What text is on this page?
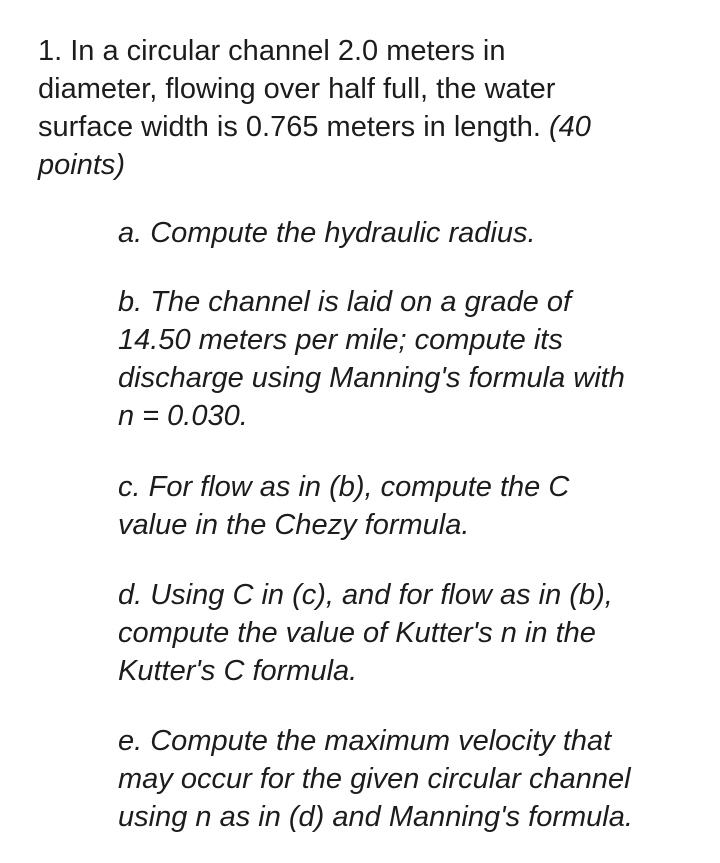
1. In a circular channel 2.0 meters in
diameter, flowing over half full, the water
surface width is 0.765 meters in length. (40
points)

a. Compute the hydraulic radius.

b. The channel is laid on a grade of
14.50 meters per mile; compute its
discharge using Manning's formula with
n = 0.030.

c. For flow as in (b), compute the C
value in the Chezy formula.

d. Using C in (c), and for flow as in (b),
compute the value of Kutter's n in the
Kutter's C formula.

e. Compute the maximum velocity that
may occur for the given circular channel
using n as in (d) and Manning's formula.
